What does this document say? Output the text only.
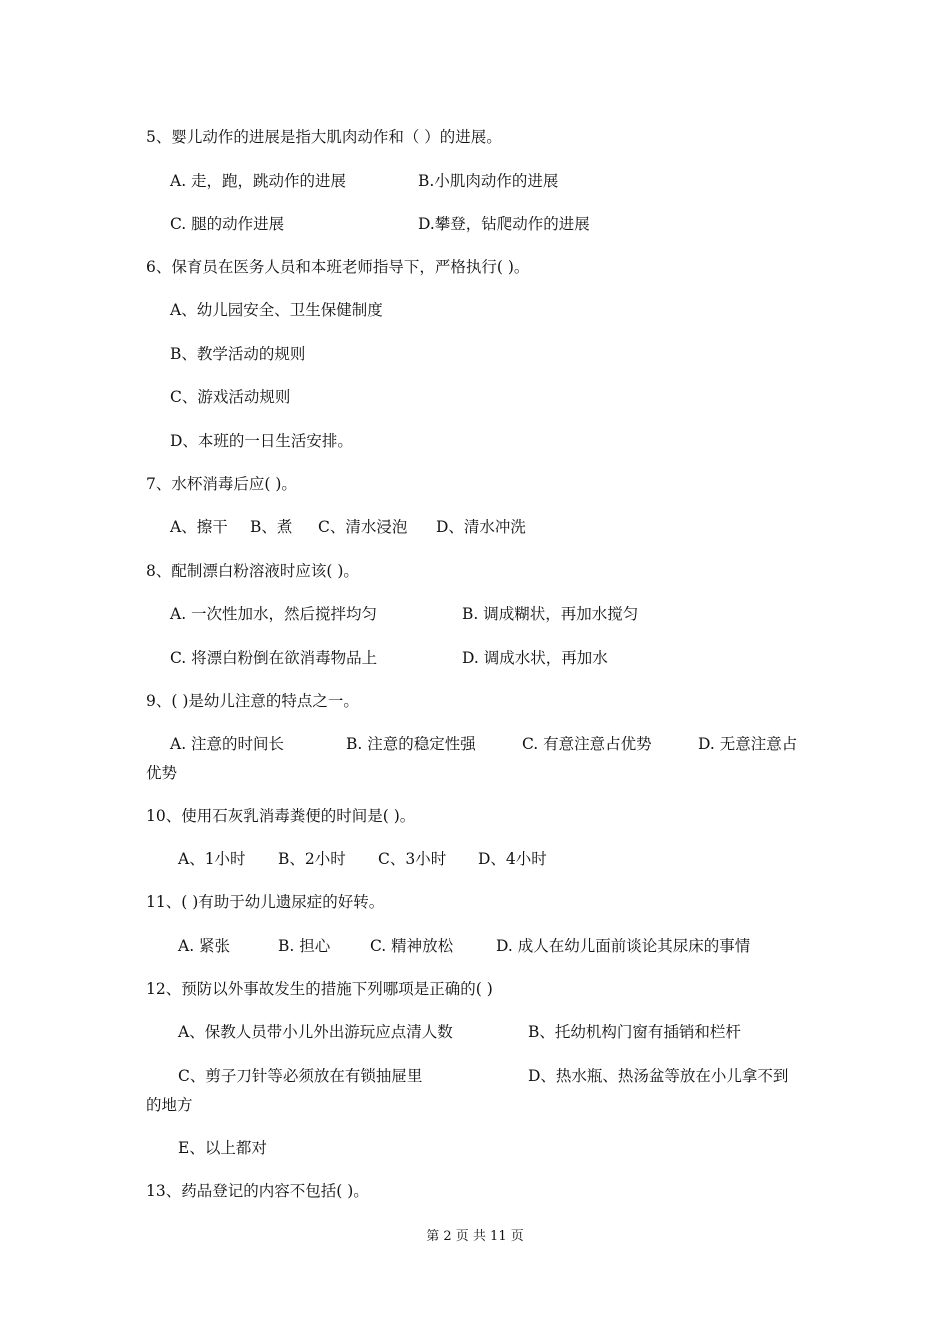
5、婴儿动作的进展是指大肌肉动作和（ ）的进展。
A. 走，跑，跳动作的进展	B.小肌肉动作的进展
C. 腿的动作进展	D.攀登，钻爬动作的进展
6、保育员在医务人员和本班老师指导下，严格执行( )。
A、幼儿园安全、卫生保健制度
B、教学活动的规则
C、游戏活动规则
D、本班的一日生活安排。
7、水杯消毒后应( )。
A、擦干 B、煮 C、清水浸泡 D、清水冲洗
8、配制漂白粉溶液时应该( )。
A. 一次性加水，然后搅拌均匀	B. 调成糊状，再加水搅匀
C. 将漂白粉倒在欲消毒物品上	D. 调成水状，再加水
9、( )是幼儿注意的特点之一。
A. 注意的时间长	B. 注意的稳定性强	C. 有意注意占优势	D. 无意注意占
优势
10、使用石灰乳消毒粪便的时间是( )。
A、1小时 B、2小时 C、3小时 D、4小时
11、( )有助于幼儿遗尿症的好转。
A. 紧张	B. 担心	C. 精神放松	D. 成人在幼儿面前谈论其尿床的事情
12、预防以外事故发生的措施下列哪项是正确的( )
A、保教人员带小儿外出游玩应点清人数	B、托幼机构门窗有插销和栏杆
C、剪子刀针等必须放在有锁抽屉里	D、热水瓶、热汤盆等放在小儿拿不到
的地方
E、以上都对
13、药品登记的内容不包括( )。
第 2 页 共 11 页
